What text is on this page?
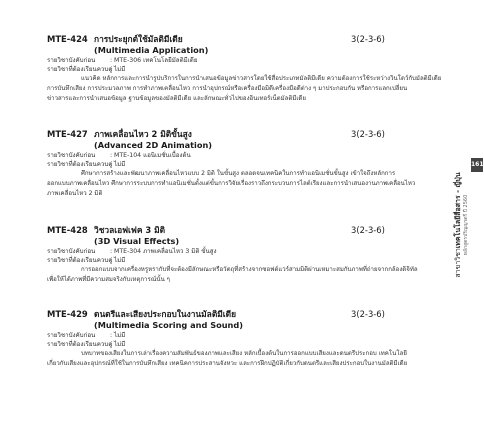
MTE-424 การประยุกต์ใช้มัลติมีเดีย	3(2-3-6)
(Multimedia Application)
รายวิชาบังคับก่อน : MTE-306 เทคโนโลยีมัลติมีเดีย
รายวิชาที่ต้องเรียนควบคู่
: ไม่มี

แนวคิด หลักการและการนำรูปบริการในการนำเสนอข้อมูลข่าวสารโดยใช้สื่อประเภทมัลติมีเดีย ความต้องการใช้ระหว่างวินโดว์กับมัลติมีเดีย

การบันทึกเสียง การประมวลภาพ การทำภาพเคลื่อนไหว การนำอุปกรณ์หรือเครื่องมือมิดีเครื่องมือดีต่าง ๆ มาประกอบกัน หรือการแลกเปลี่ยน

ข่าวสารและการนำเสนอข้อมูล ฐานข้อมูลของมัลติมีเดีย และลักษณะทั่วไปของอินเทอร์เน็ตมัลติมีเดีย

MTE-427 ภาพเคลื่อนไหว 2 มิติขั้นสูง	3(2-3-6)
(Advanced 2D Animation)
รายวิชาบังคับก่อน : MTE-104 แอนิเมชั่นเบื้องต้น
รายวิชาที่ต้องเรียนควบคู่
: ไม่มี

ศึกษาการสร้างและพัฒนาภาพเคลื่อนไหวแบบ 2 มิติ ในขั้นสูง ตลอดจนเทคนิคในการทำแอนิเมชั่นขั้นสูง เข้าใจถึงหลักการ

ออกแบบภาพเคลื่อนไหว ศึกษาการระบบการทำแอนิเมชั่นตั้งแต่ขั้นการวิจัยเรื่องราวถึงกระบวนการไลต์เรียงและการนำเสนองานภาพเคลื่อนไหว

ภาพเคลื่อนไหว 2 มิติ

MTE-428 วิชวลเอฟเฟค 3 มิติ	3(2-3-6)
(3D Visual Effects)
รายวิชาบังคับก่อน : MTE-304 ภาพเคลื่อนไหว 3 มิติ ขั้นสูง
รายวิชาที่ต้องเรียนควบคู่
: ไม่มี

การออกแบบจากเครื่องหรูหรากับที่จะต้องมีลักษณะหรือวัตถุที่สร้างจากซอฟต์แวร์สามมิติผ่านเหมาะสมกับภาพที่ถ่ายจากกล้องดิจิทัล

เพื่อให้ได้ภาพที่มีความสมจริงกับเหตุการณ์นั้น ๆ

MTE-429 ดนตรีและเสียงประกอบในงานมัลติมีเดีย	3(2-3-6)
(Multimedia Scoring and Sound)
รายวิชาบังคับก่อน : ไม่มี
รายวิชาที่ต้องเรียนควบคู่
: ไม่มี

บทบาทของเสียงในการเล่าเรื่องความสัมพันธ์ของภาพและเสียง หลักเบื้องต้นในการออกแบบเสียงและดนตรีประกอบ เทคโนโลยี

เกี่ยวกับเสียงและอุปกรณ์ที่ใช้ในการบันทึกเสียง เทคนิคการประสานจังหวะ และการฝึกปฏิบัติเกี่ยวกับดนตรีและเสียงประกอบในงานมัลติมีเดีย

สาขาวิชาเทคโนโลยีสื่อสาร - ญี่ปุ่น หลักสูตรปริญญาตรี ปี 2560
161
